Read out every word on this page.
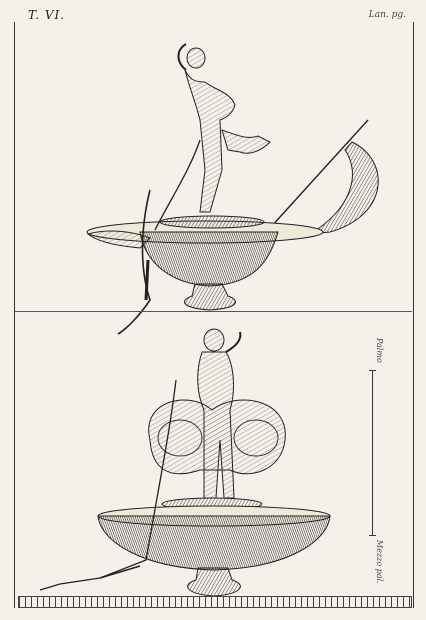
T. VI.	Lan. pg.
Palmo
Mezzo pal.
